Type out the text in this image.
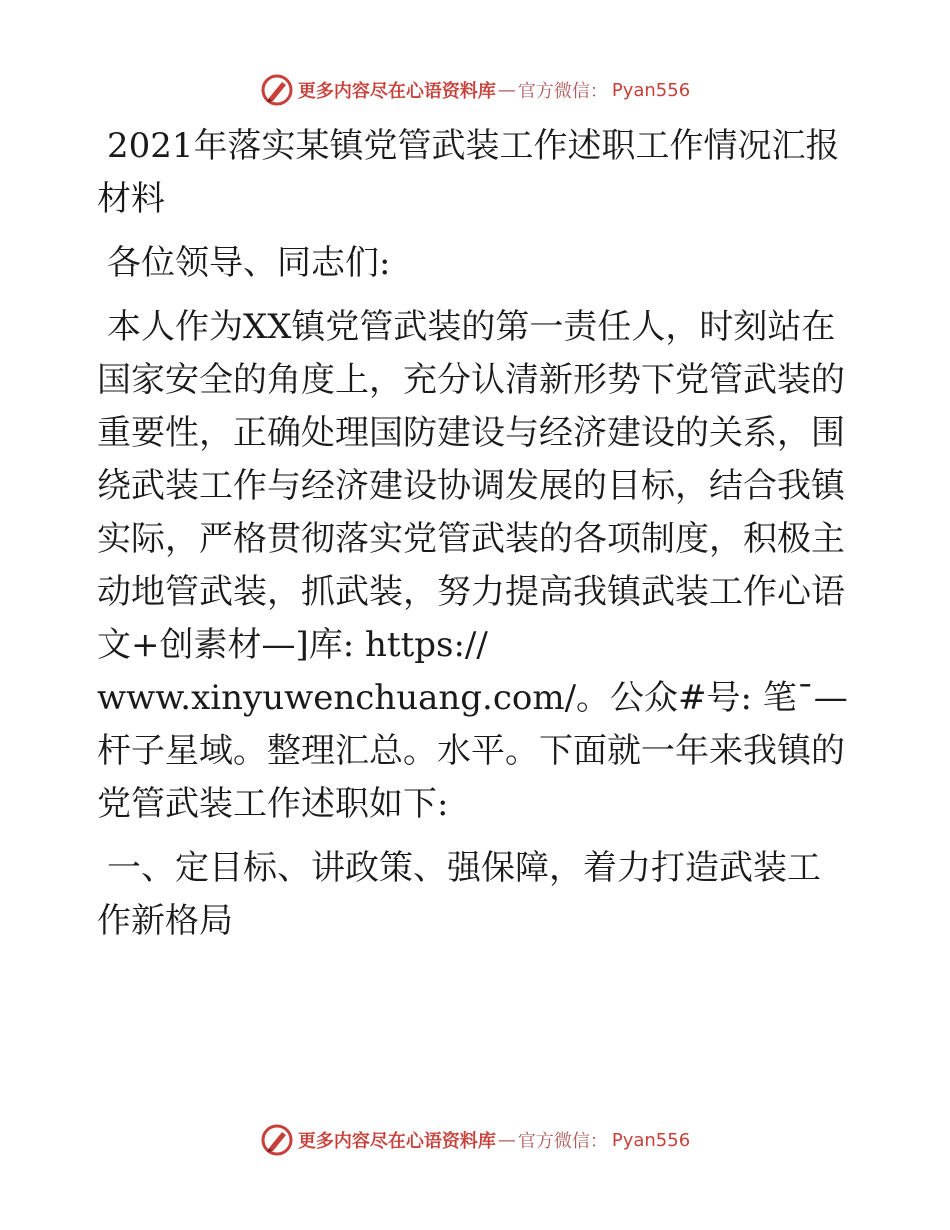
更多内容尽在心语资料库 — 官方微信： Pyan556

2021年落实某镇党管武装工作述职工作情况汇报材料

各位领导、同志们:

本人作为XX镇党管武装的第一责任人，时刻站在国家安全的角度上，充分认清新形势下党管武装的重要性，正确处理国防建设与经济建设的关系，围绕武装工作与经济建设协调发展的目标，结合我镇实际，严格贯彻落实党管武装的各项制度，积极主动地管武装，抓武装，努力提高我镇武装工作心语文+创素材—]库: https://

www.xinyuwenchuang.com/。公众#号: 笔¯—杆子星域。整理汇总。水平。下面就一年来我镇的党管武装工作述职如下:

一、定目标、讲政策、强保障，着力打造武装工作新格局

更多内容尽在心语资料库 — 官方微信： Pyan556
